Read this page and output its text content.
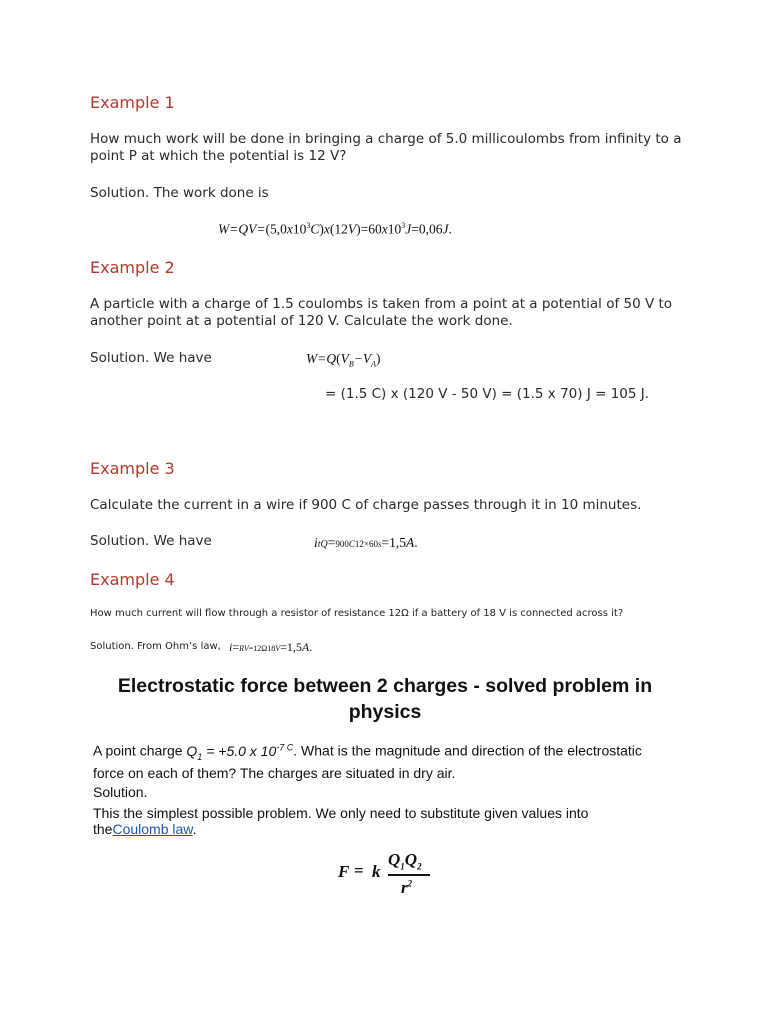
Example 1
How much work will be done in bringing a charge of 5.0 millicoulombs from infinity to a
point P at which the potential is 12 V?
Solution. The work done is
$W=QV=(5,0x10^3C)x(12V)=60x10^3J=0,06J$.
Example 2
A particle with a charge of 1.5 coulombs is taken from a point at a potential of 50 V to
another point at a potential of 120 V. Calculate the work done.
Solution. We have	$W=Q(V_B-V_A)$
= (1.5 C) x (120 V - 50 V) = (1.5 x 70) J = 105 J.
Example 3
Calculate the current in a wire if 900 C of charge passes through it in 10 minutes.
Solution. We have	itQ=900C12×60s=1,5A.
Example 4
How much current will flow through a resistor of resistance 12Ω if a battery of 18 V is connected across it?
Solution. From Ohm’s law, i=RV=12Ω18V=1,5A.
Electrostatic force between 2 charges - solved problem in physics
A point charge $Q_1 = +5.0$ x $10^{-7 C}$. What is the magnitude and direction of the electrostatic
force on each of them? The charges are situated in dry air.
Solution.
This the simplest possible problem. We only need to substitute given values into
theCoulomb law.
F = k
$Q_1Q_2$
$r^2$
